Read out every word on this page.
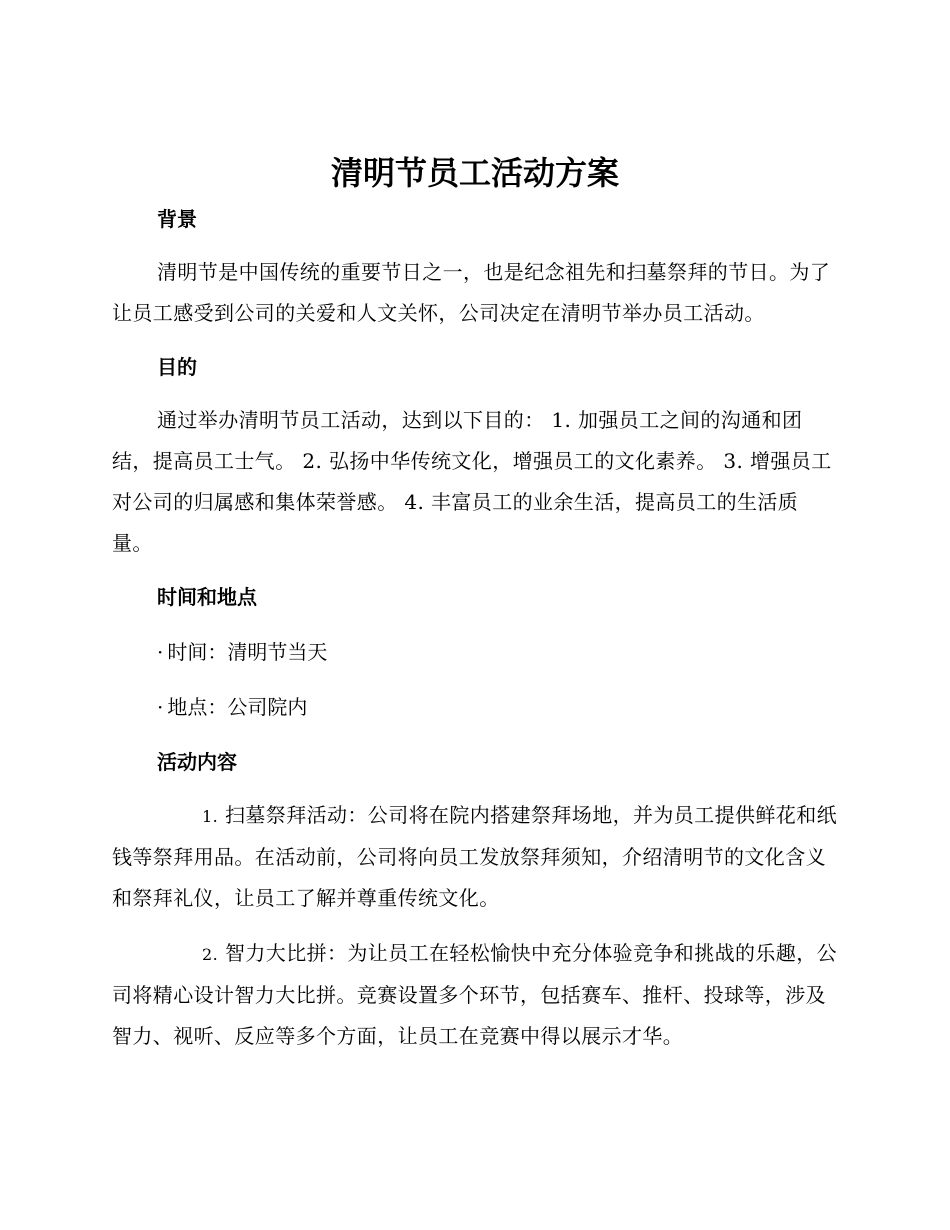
清明节员工活动方案
背景

清明节是中国传统的重要节日之一，也是纪念祖先和扫墓祭拜的节日。为了让员工感受到公司的关爱和人文关怀，公司决定在清明节举办员工活动。

目的

通过举办清明节员工活动，达到以下目的： 1. 加强员工之间的沟通和团结，提高员工士气。 2. 弘扬中华传统文化，增强员工的文化素养。 3. 增强员工对公司的归属感和集体荣誉感。 4. 丰富员工的业余生活，提高员工的生活质量。

时间和地点

· 时间：清明节当天

· 地点：公司院内

活动内容

1. 扫墓祭拜活动：公司将在院内搭建祭拜场地，并为员工提供鲜花和纸钱等祭拜用品。在活动前，公司将向员工发放祭拜须知，介绍清明节的文化含义和祭拜礼仪，让员工了解并尊重传统文化。

2. 智力大比拼：为让员工在轻松愉快中充分体验竞争和挑战的乐趣，公司将精心设计智力大比拼。竞赛设置多个环节，包括赛车、推杆、投球等，涉及智力、视听、反应等多个方面，让员工在竞赛中得以展示才华。
